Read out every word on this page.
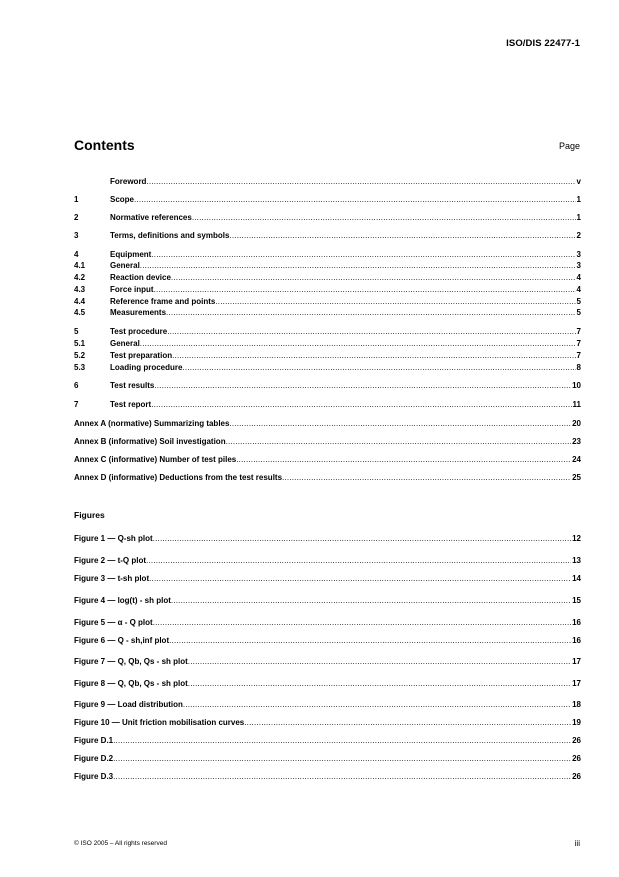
ISO/DIS 22477-1
Contents	Page
Foreword .....	v
1	Scope .....	1
2	Normative references .....	1
3	Terms, definitions and symbols .....	2
4	Equipment .....	3
4.1	General .....	3
4.2	Reaction device .....	4
4.3	Force input .....	4
4.4	Reference frame and points .....	5
4.5	Measurements .....	5
5	Test procedure .....	7
5.1	General .....	7
5.2	Test preparation .....	7
5.3	Loading procedure .....	8
6	Test results .....	10
7	Test report .....	11
Annex A (normative) Summarizing tables .....	20
Annex B (informative) Soil investigation .....	23
Annex C (informative) Number of test piles .....	24
Annex D (informative) Deductions from the test results .....	25
Figures
Figure 1 — Q-sh plot .....	12
Figure 2 — t-Q plot .....	13
Figure 3 — t-sh plot .....	14
Figure 4 — log(t) - sh plot .....	15
Figure 5 — α - Q plot .....	16
Figure 6 — Q - sh,inf plot .....	16
Figure 7 — Q, Qb, Qs - sh plot .....	17
Figure 8 — Q, Qb, Qs - sh plot .....	17
Figure 9 — Load distribution .....	18
Figure 10 — Unit friction mobilisation curves .....	19
Figure D.1 .....	26
Figure D.2 .....	26
Figure D.3 .....	26
© ISO 2005 – All rights reserved	iii
